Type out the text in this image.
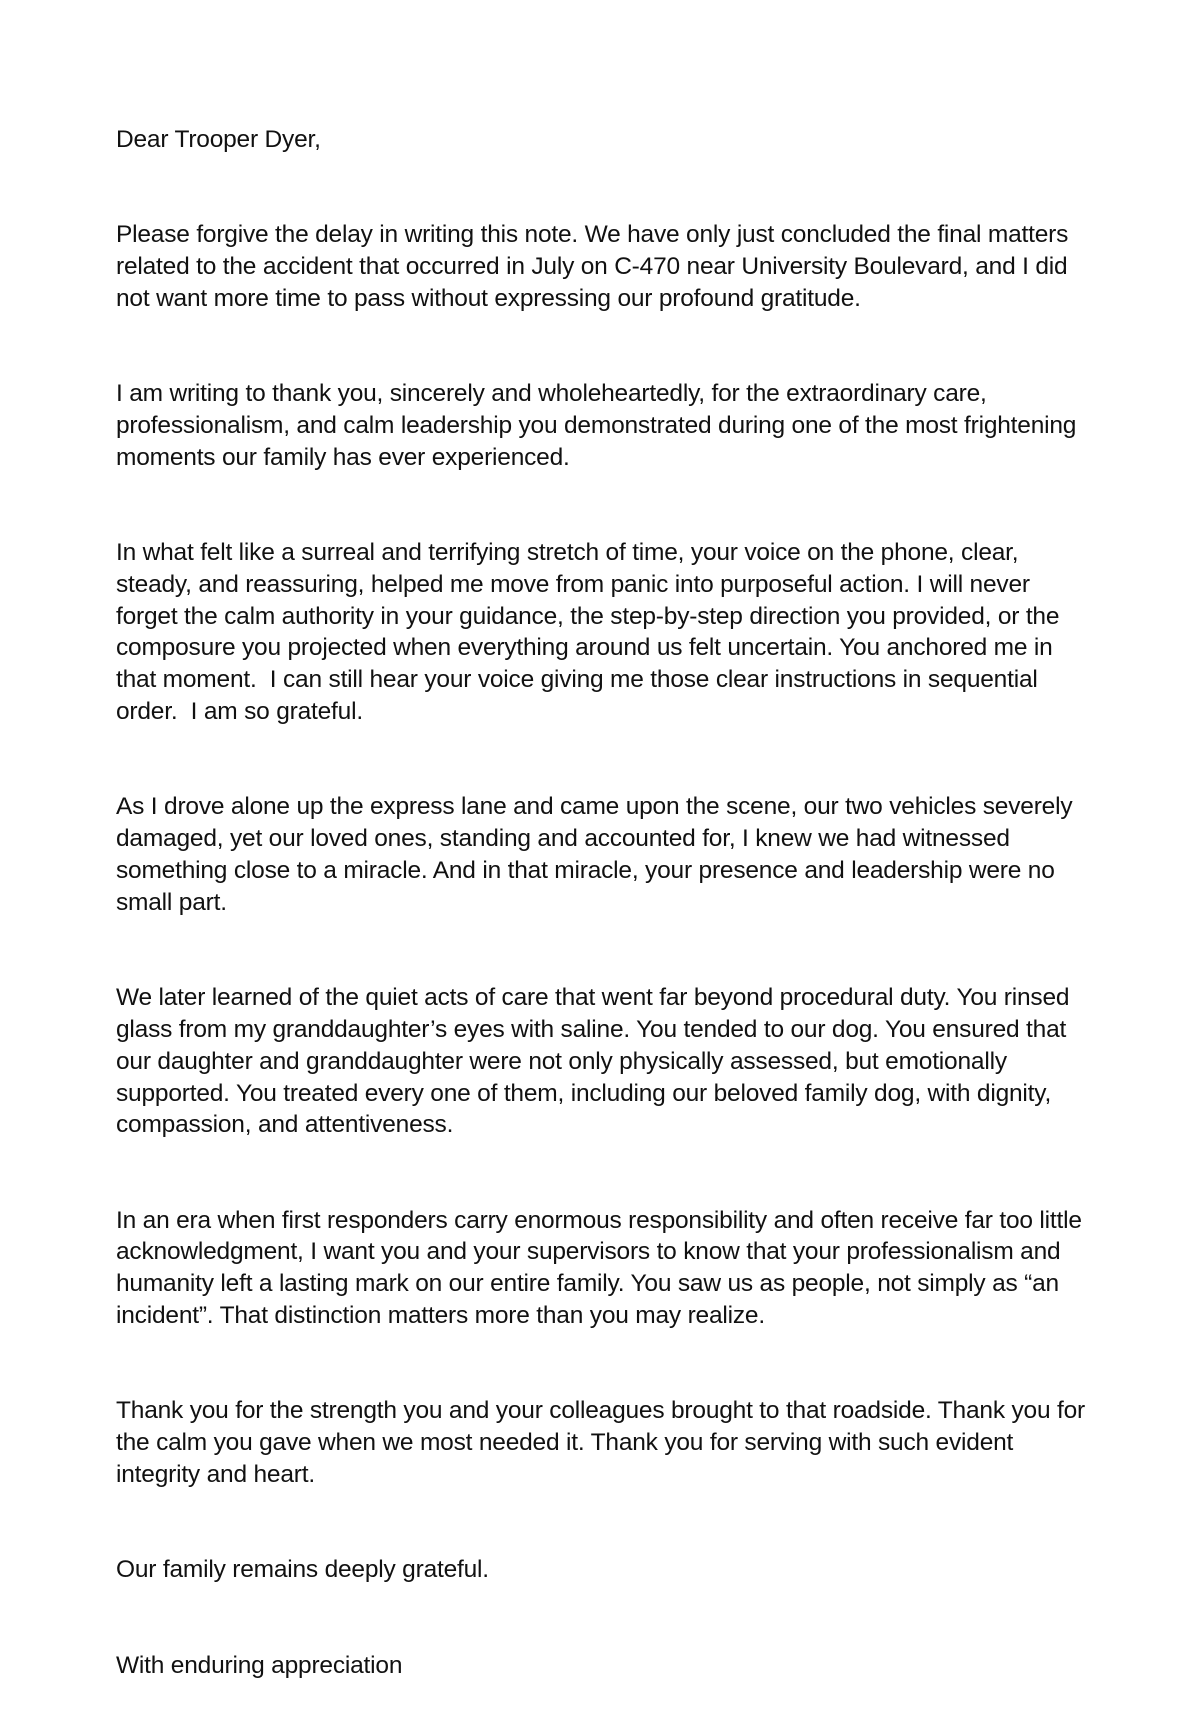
Dear Trooper Dyer,

Please forgive the delay in writing this note. We have only just concluded the final matters related to the accident that occurred in July on C-470 near University Boulevard, and I did not want more time to pass without expressing our profound gratitude.

I am writing to thank you, sincerely and wholeheartedly, for the extraordinary care, professionalism, and calm leadership you demonstrated during one of the most frightening moments our family has ever experienced.

In what felt like a surreal and terrifying stretch of time, your voice on the phone, clear, steady, and reassuring, helped me move from panic into purposeful action. I will never forget the calm authority in your guidance, the step-by-step direction you provided, or the composure you projected when everything around us felt uncertain. You anchored me in that moment.  I can still hear your voice giving me those clear instructions in sequential order.  I am so grateful.

As I drove alone up the express lane and came upon the scene, our two vehicles severely damaged, yet our loved ones, standing and accounted for, I knew we had witnessed something close to a miracle. And in that miracle, your presence and leadership were no small part.

We later learned of the quiet acts of care that went far beyond procedural duty. You rinsed glass from my granddaughter’s eyes with saline. You tended to our dog. You ensured that our daughter and granddaughter were not only physically assessed, but emotionally supported. You treated every one of them, including our beloved family dog, with dignity, compassion, and attentiveness.

In an era when first responders carry enormous responsibility and often receive far too little acknowledgment, I want you and your supervisors to know that your professionalism and humanity left a lasting mark on our entire family. You saw us as people, not simply as “an incident”. That distinction matters more than you may realize.

Thank you for the strength you and your colleagues brought to that roadside. Thank you for the calm you gave when we most needed it. Thank you for serving with such evident integrity and heart.

Our family remains deeply grateful.

With enduring appreciation
